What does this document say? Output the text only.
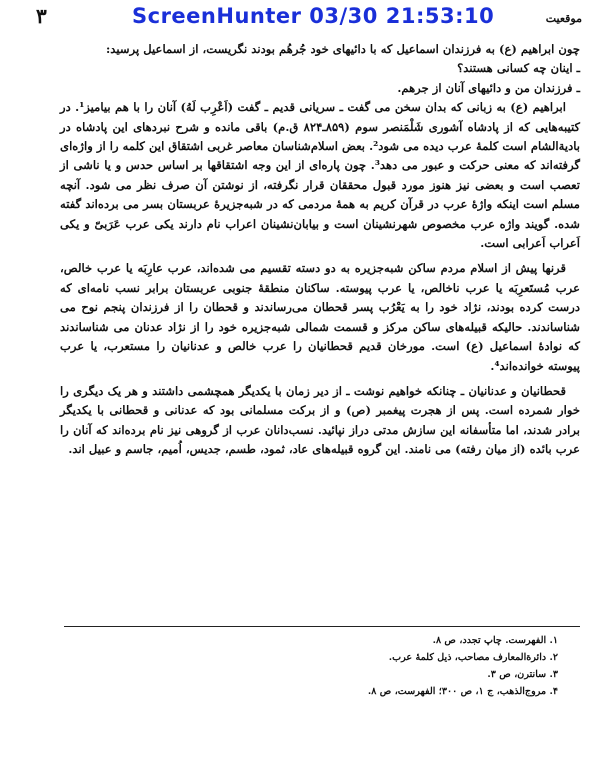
٣	ScreenHunter 03/30 21:53:10	موقعیت

چون ابراهیم (ع) به فرزندان اسماعیل که با دائیهای خود جُرهُم بودند نگریست، از اسماعیل پرسید:

ـ اینان چه کسانی هستند؟

ـ فرزندان من و دائیهای آنان از جرهم.

ابراهیم (ع) به زبانی که بدان سخن می گفت ـ سریانی قدیم ـ گفت (اَعْرِب لَهُ) آنان را با هم بیامیز¹. در کتیبه‌هایی که از پادشاه آشوری شَلْمَنصر سوم (۸۵۹ـ۸۲۴ ق.م) باقی مانده و شرح نبردهای این پادشاه در بادیة‌الشام است کلمهٔ عرب دیده می شود². بعض اسلام‌شناسان معاصر غربی اشتقاق این کلمه را از واژه‌ای گرفته‌اند که معنی حرکت و عبور می دهد³. چون پاره‌ای از این وجه اشتقاقها بر اساس حدس و یا ناشی از تعصب است و بعضی نیز هنوز مورد قبول محققان قرار نگرفته، از نوشتن آن صرف نظر می شود. آنچه مسلم است اینکه واژهٔ عرب در قرآن کریم به همهٔ مردمی که در شبه‌جزیرهٔ عربستان بسر می برده‌اند گفته شده. گویند واژه عرب مخصوص شهرنشینان است و بیابان‌نشینان اعراب نام دارند یکی عرب عَرَبیّ و یکی اَعراب اَعرابی است.

قرنها پیش از اسلام مردم ساکن شبه‌جزیره به دو دسته تقسیم می شده‌اند، عرب عارِبَه یا عرب خالص، عرب مُستَعرِبَه یا عرب ناخالص، یا عرب پیوسته. ساکنان منطقهٔ جنوبی عربستان برابر نسب نامه‌ای که درست کرده بودند، نژاد خود را به یَعْرُب پسر قحطان می‌رساندند و قحطان را از فرزندان پنجم نوح می شناساندند. حالیکه قبیله‌های ساکن مرکز و قسمت شمالی شبه‌جزیره خود را از نژاد عدنان می شناساندند که نوادهٔ اسماعیل (ع) است. مورخان قدیم قحطانیان را عرب خالص و عدنانیان را مستعرب، یا عرب پیوسته خوانده‌اند⁴.

قحطانیان و عدنانیان ـ چنانکه خواهیم نوشت ـ از دیر زمان با یکدیگر همچشمی داشتند و هر یک دیگری را خوار شمرده است. پس از هجرت پیغمبر (ص) و از برکت مسلمانی بود که عدنانی و قحطانی با یکدیگر برادر شدند، اما متأسفانه این سازش مدتی دراز نپائید. نسب‌دانان عرب از گروهی نیز نام برده‌اند که آنان را عرب بائده (از میان رفته) می نامند. این گروه قبیله‌های عاد، ثمود، طسم، جدیس، اُمیم، جاسم و عبیل اند.

١. الفهرست. چاپ تجدد، ص ٨.

٢. دائرة‌المعارف مصاحب، ذیل کلمهٔ عرب.

٣. سانترن، ص ٣.

۴. مروج‌الذهب، ج ١، ص ٣٠٠؛ الفهرست، ص ٨.
